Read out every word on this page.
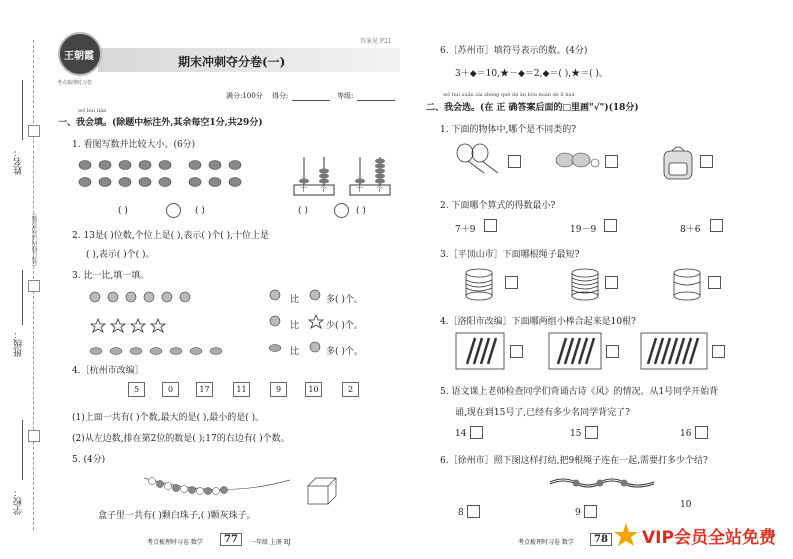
姓名：
（装订线内请勿答题）
班级：
学校：
王朝霞
考点梳理时习卷
答案见 P21
期末冲刺夺分卷(一)
满分:100分 得分:	等级:
wǒ huì tián
一、我会填。(除题中标注外,其余每空1分,共29分)
1. 看图写数并比较大小。(6分)
十 个	十 个
( )	( )	( )	( )
2. 13是( )位数,个位上是( ),表示( )个( ),十位上是
( ),表示( )个( )。
3. 比一比,填一填。
比	多( )个。
比	少( )个。
比	多( )个。
4.［杭州市改编］
5	0	17	11	9	10	2
(1)上面一共有( )个数,最大的是( ),最小的是( )。
(2)从左边数,排在第2位的数是( );17的右边有( )个数。
5. (4分)
盒子里一共有( )颗白珠子,( )颗灰珠子。
考点梳理时习卷 数学	77	一年级 上册 RJ
6.［苏州市］填符号表示的数。(4分)
3＋◆＝10,★－◆＝2,◆＝( ),★＝( )。
wǒ huì xuǎn zài zhèng què dá àn hòu miàn de lǐ huà
二、我会选。(在 正 确答案后面的□里画"√")(18分)
1. 下面的物体中,哪个是不同类的?
2. 下面哪个算式的得数最小?
7＋9	19－9	8＋6
3.［平顶山市］下面哪根绳子最短?
4.［洛阳市改编］下面哪两组小棒合起来是10根?
5. 语文课上老师检查同学们背诵古诗《风》的情况。从1号同学开始背
诵,现在到15号了,已经有多少名同学背完了?
14	15	16
6.［徐州市］照下图这样打结,把9根绳子连在一起,需要打多少个结?
8	9
10
考点梳理时习卷 数学	78 VIP会员全站免费
